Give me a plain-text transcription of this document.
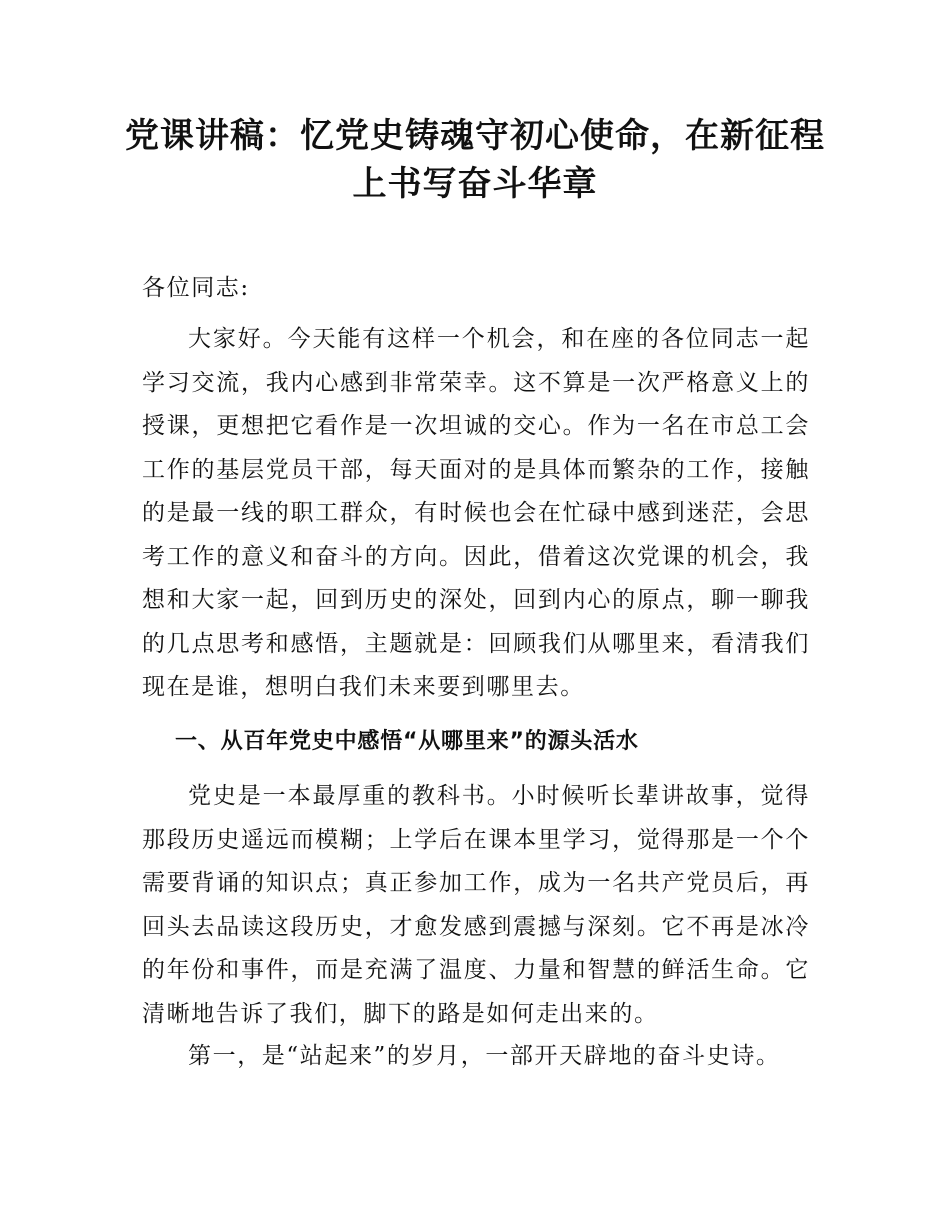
党课讲稿：忆党史铸魂守初心使命，在新征程上书写奋斗华章

各位同志:

大家好。今天能有这样一个机会，和在座的各位同志一起学习交流，我内心感到非常荣幸。这不算是一次严格意义上的授课，更想把它看作是一次坦诚的交心。作为一名在市总工会工作的基层党员干部，每天面对的是具体而繁杂的工作，接触的是最一线的职工群众，有时候也会在忙碌中感到迷茫，会思考工作的意义和奋斗的方向。因此，借着这次党课的机会，我想和大家一起，回到历史的深处，回到内心的原点，聊一聊我的几点思考和感悟，主题就是：回顾我们从哪里来，看清我们现在是谁，想明白我们未来要到哪里去。

一、从百年党史中感悟“从哪里来”的源头活水

党史是一本最厚重的教科书。小时候听长辈讲故事，觉得那段历史遥远而模糊；上学后在课本里学习，觉得那是一个个需要背诵的知识点；真正参加工作，成为一名共产党员后，再回头去品读这段历史，才愈发感到震撼与深刻。它不再是冰冷的年份和事件，而是充满了温度、力量和智慧的鲜活生命。它清晰地告诉了我们，脚下的路是如何走出来的。

第一，是“站起来”的岁月，一部开天辟地的奋斗史诗。
